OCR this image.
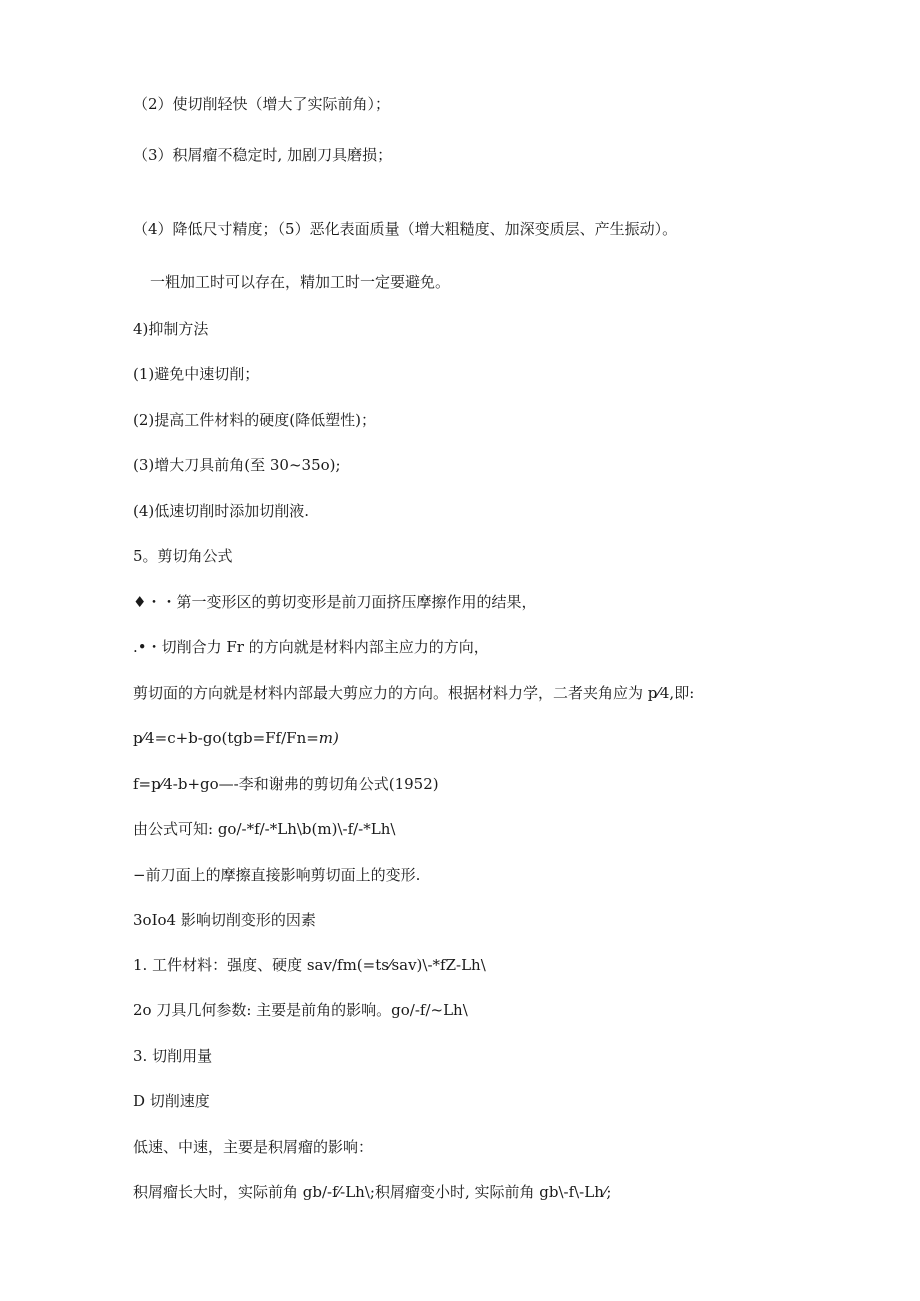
（2）使切削轻快（增大了实际前角）；
（3）积屑瘤不稳定时, 加剧刀具磨损；
（4）降低尺寸精度；（5）恶化表面质量（增大粗糙度、加深变质层、产生振动）。
一粗加工时可以存在，精加工时一定要避免。
4)抑制方法
(1)避免中速切削；
(2)提高工件材料的硬度(降低塑性)；
(3)增大刀具前角(至 30~35o);
(4)低速切削时添加切削液.
5。剪切角公式
♦・・第一变形区的剪切变形是前刀面挤压摩擦作用的结果，
.•・切削合力 Fr 的方向就是材料内部主应力的方向，
剪切面的方向就是材料内部最大剪应力的方向。根据材料力学，二者夹角应为 p⁄4,即:
p⁄4=c+b-go(tgb=Ff/Fn=m)
f=p⁄4-b+go—-李和谢弗的剪切角公式(1952)
由公式可知: go/-*f/-*Lh\b(m)\-f/-*Lh\
−前刀面上的摩擦直接影响剪切面上的变形.
3oIo4 影响切削变形的因素
1. 工件材料：强度、硬度 sav/fm(=ts⁄sav)\-*fZ-Lh\
2o 刀具几何参数: 主要是前角的影响。go/-f/~Lh\
3. 切削用量
D 切削速度
低速、中速，主要是积屑瘤的影响：
积屑瘤长大时，实际前角 gb/-f⁄-Lh\;积屑瘤变小时, 实际前角 gb\-f\-Lh⁄;
